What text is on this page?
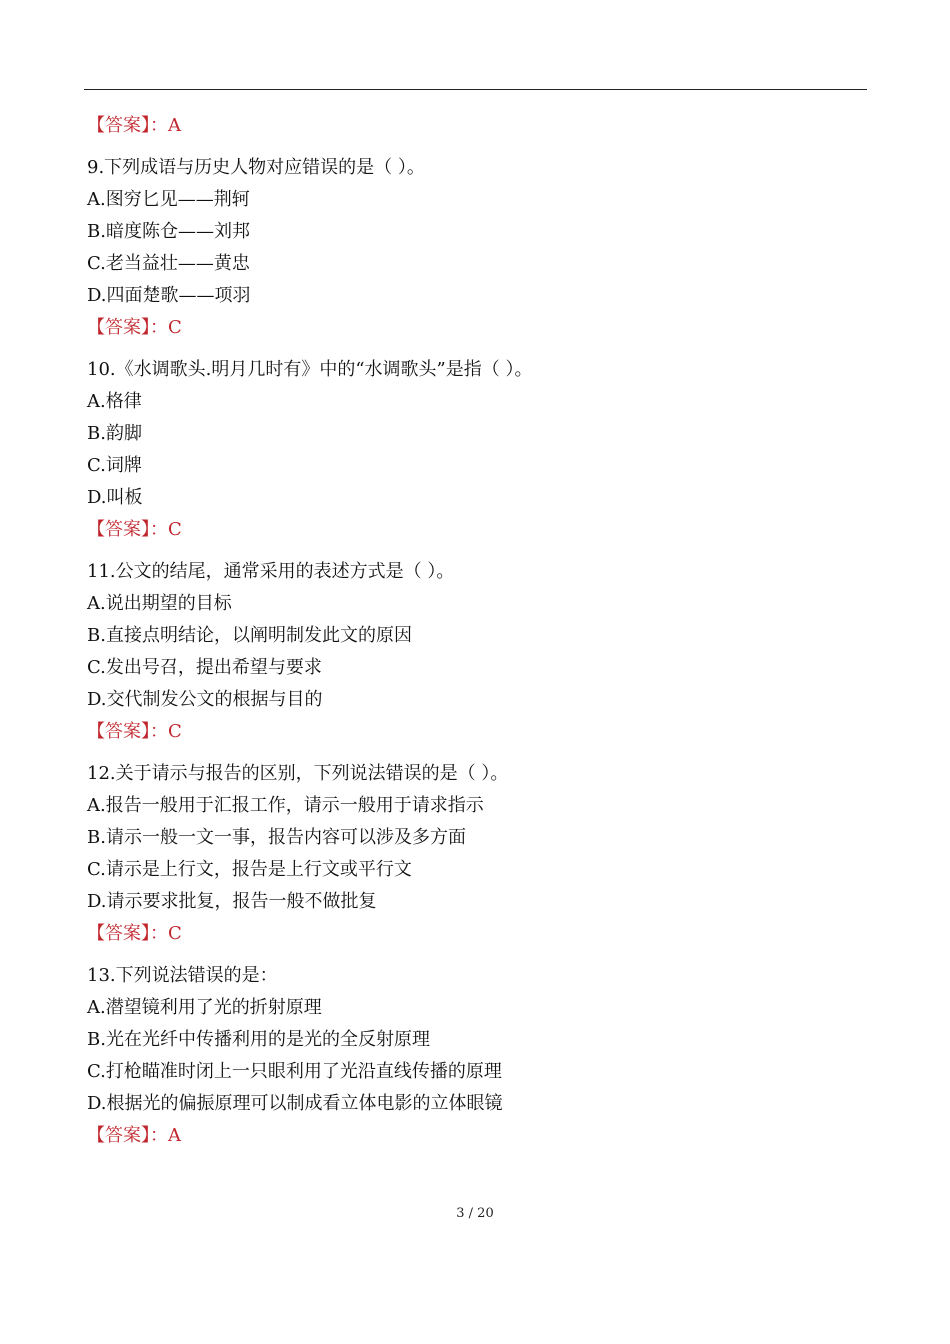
【答案】：A
9.下列成语与历史人物对应错误的是（ ）。
A.图穷匕见——荆轲
B.暗度陈仓——刘邦
C.老当益壮——黄忠
D.四面楚歌——项羽
【答案】：C
10.《水调歌头.明月几时有》中的“水调歌头”是指（ ）。
A.格律
B.韵脚
C.词牌
D.叫板
【答案】：C
11.公文的结尾，通常采用的表述方式是（ ）。
A.说出期望的目标
B.直接点明结论，以阐明制发此文的原因
C.发出号召，提出希望与要求
D.交代制发公文的根据与目的
【答案】：C
12.关于请示与报告的区别，下列说法错误的是（ ）。
A.报告一般用于汇报工作，请示一般用于请求指示
B.请示一般一文一事，报告内容可以涉及多方面
C.请示是上行文，报告是上行文或平行文
D.请示要求批复，报告一般不做批复
【答案】：C
13.下列说法错误的是：
A.潜望镜利用了光的折射原理
B.光在光纤中传播利用的是光的全反射原理
C.打枪瞄准时闭上一只眼利用了光沿直线传播的原理
D.根据光的偏振原理可以制成看立体电影的立体眼镜
【答案】：A
3 / 20
